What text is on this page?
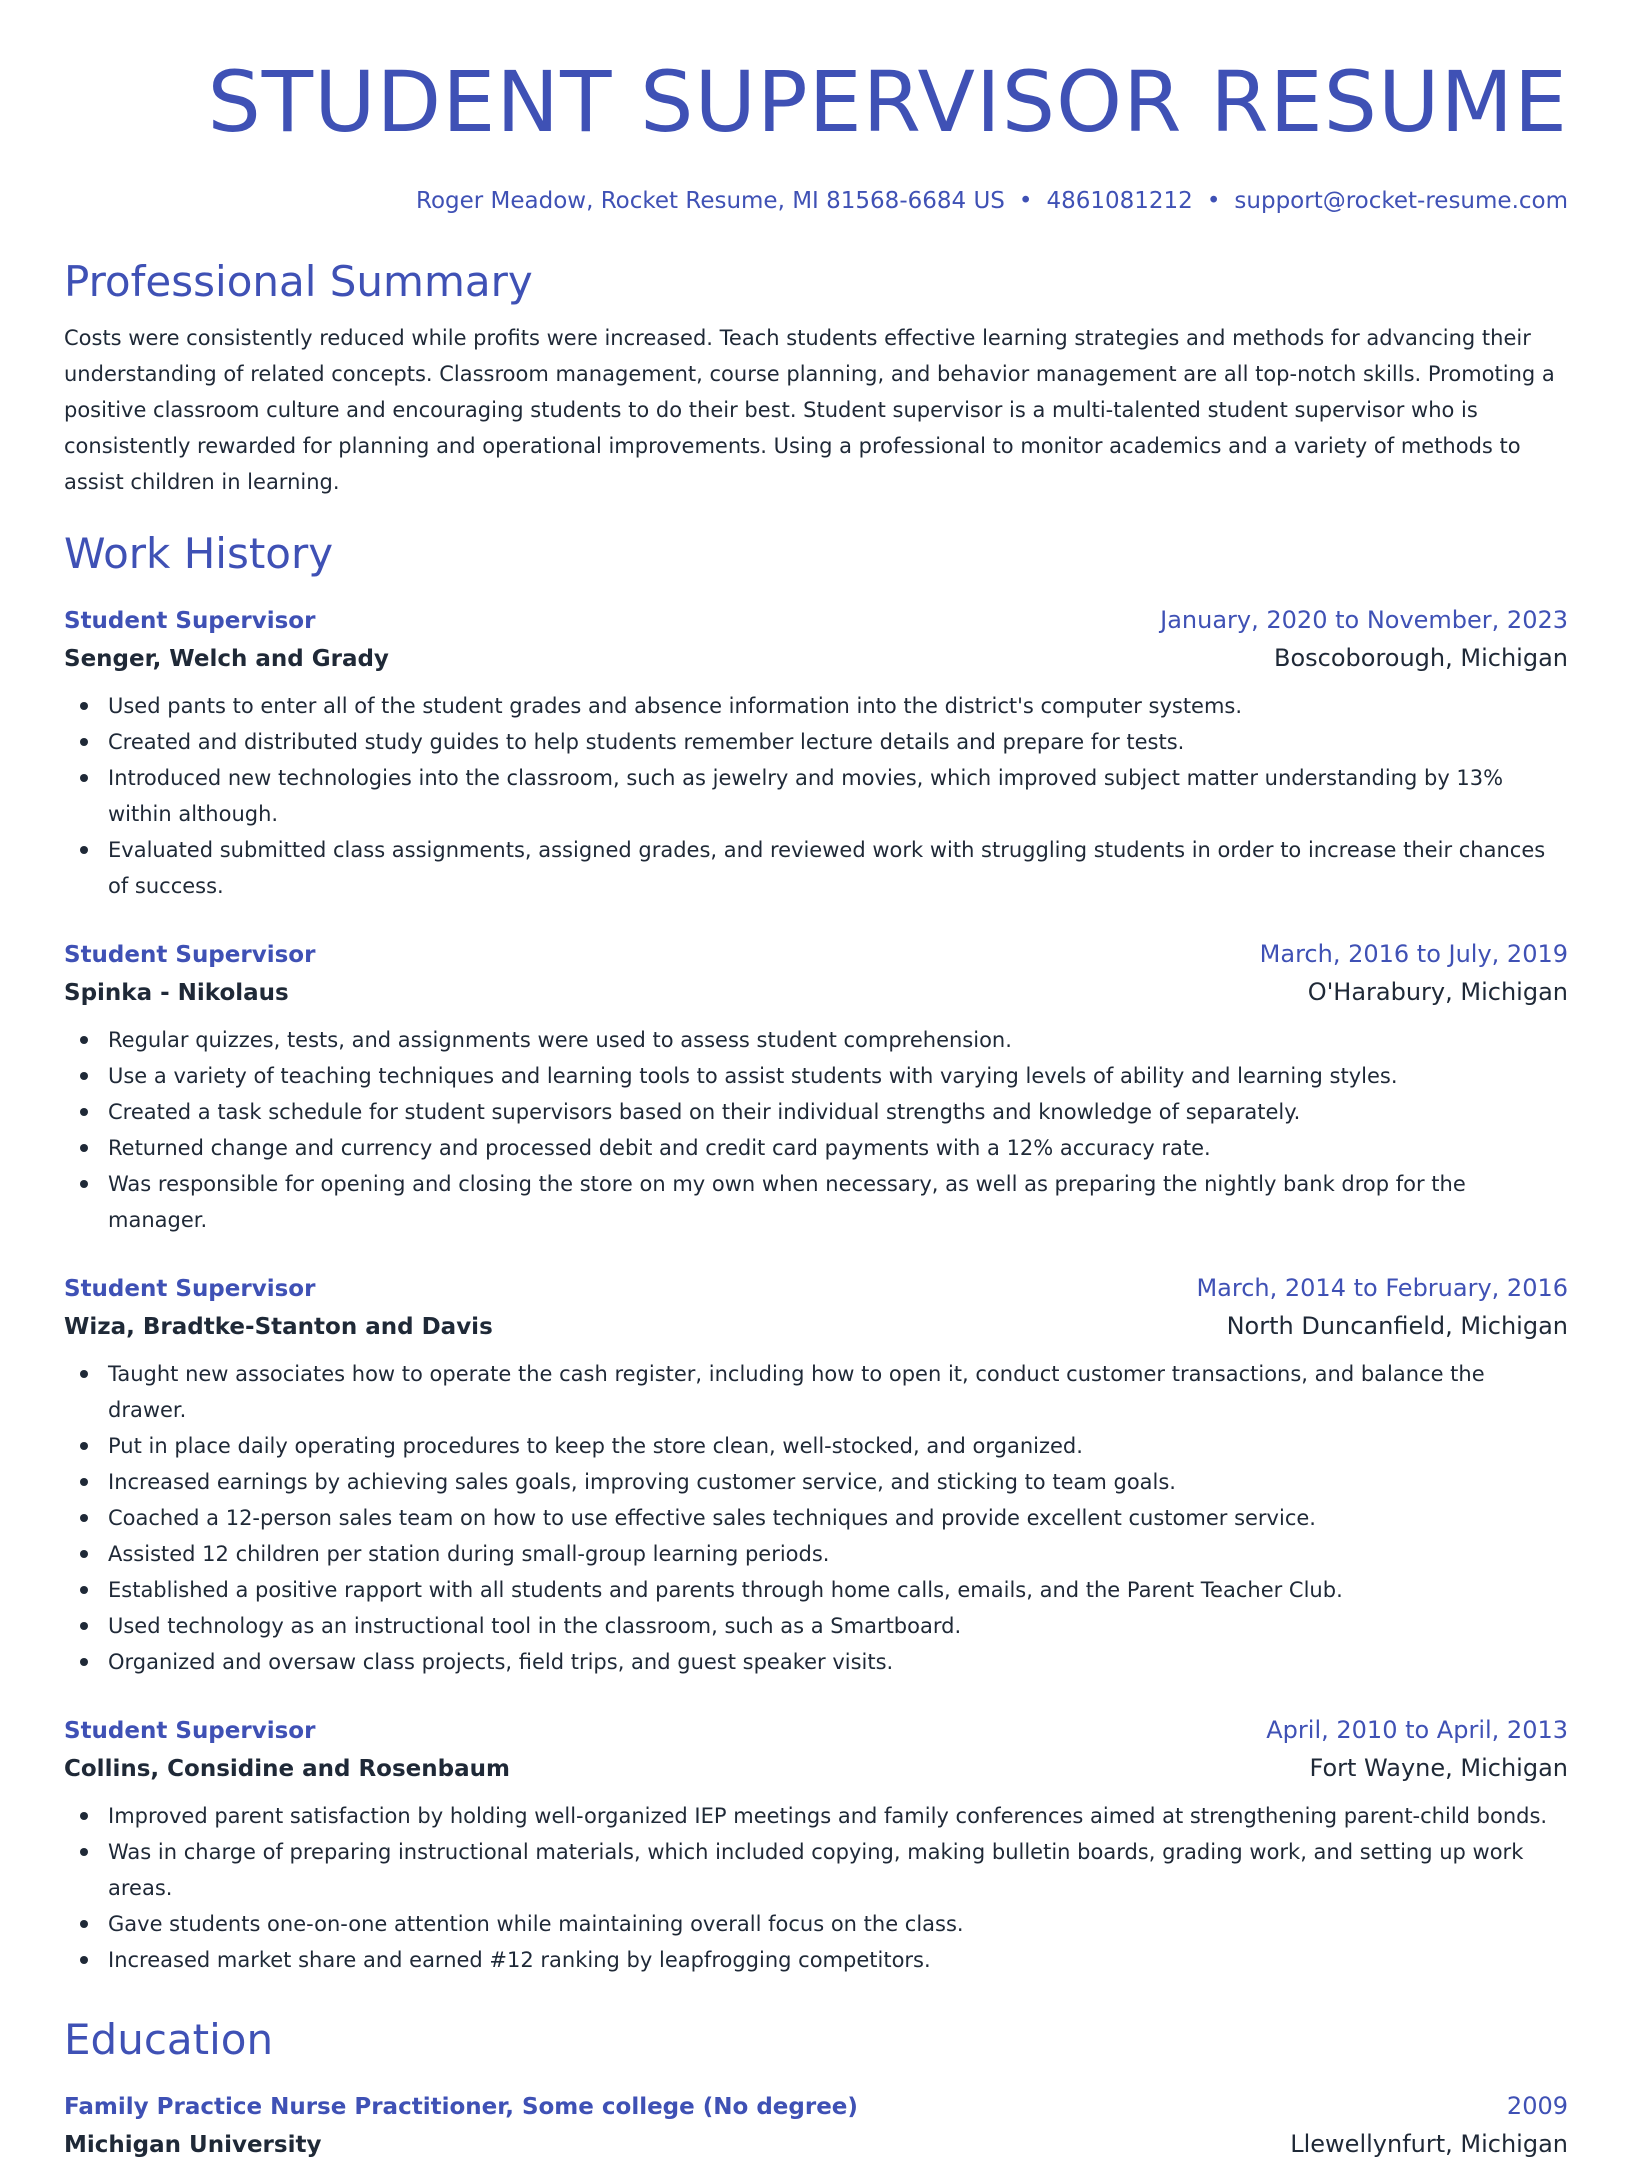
STUDENT SUPERVISOR RESUME
Roger Meadow, Rocket Resume, MI 81568-6684 US • 4861081212 • support@rocket-resume.com
Professional Summary
Costs were consistently reduced while profits were increased. Teach students effective learning strategies and methods for advancing their understanding of related concepts. Classroom management, course planning, and behavior management are all top-notch skills. Promoting a positive classroom culture and encouraging students to do their best. Student supervisor is a multi-talented student supervisor who is consistently rewarded for planning and operational improvements. Using a professional to monitor academics and a variety of methods to assist children in learning.
Work History
Student Supervisor	January, 2020 to November, 2023
Senger, Welch and Grady	Boscoborough, Michigan
Used pants to enter all of the student grades and absence information into the district's computer systems.
Created and distributed study guides to help students remember lecture details and prepare for tests.
Introduced new technologies into the classroom, such as jewelry and movies, which improved subject matter understanding by 13% within although.
Evaluated submitted class assignments, assigned grades, and reviewed work with struggling students in order to increase their chances of success.
Student Supervisor	March, 2016 to July, 2019
Spinka - Nikolaus	O'Harabury, Michigan
Regular quizzes, tests, and assignments were used to assess student comprehension.
Use a variety of teaching techniques and learning tools to assist students with varying levels of ability and learning styles.
Created a task schedule for student supervisors based on their individual strengths and knowledge of separately.
Returned change and currency and processed debit and credit card payments with a 12% accuracy rate.
Was responsible for opening and closing the store on my own when necessary, as well as preparing the nightly bank drop for the manager.
Student Supervisor	March, 2014 to February, 2016
Wiza, Bradtke-Stanton and Davis	North Duncanfield, Michigan
Taught new associates how to operate the cash register, including how to open it, conduct customer transactions, and balance the drawer.
Put in place daily operating procedures to keep the store clean, well-stocked, and organized.
Increased earnings by achieving sales goals, improving customer service, and sticking to team goals.
Coached a 12-person sales team on how to use effective sales techniques and provide excellent customer service.
Assisted 12 children per station during small-group learning periods.
Established a positive rapport with all students and parents through home calls, emails, and the Parent Teacher Club.
Used technology as an instructional tool in the classroom, such as a Smartboard.
Organized and oversaw class projects, field trips, and guest speaker visits.
Student Supervisor	April, 2010 to April, 2013
Collins, Considine and Rosenbaum	Fort Wayne, Michigan
Improved parent satisfaction by holding well-organized IEP meetings and family conferences aimed at strengthening parent-child bonds.
Was in charge of preparing instructional materials, which included copying, making bulletin boards, grading work, and setting up work areas.
Gave students one-on-one attention while maintaining overall focus on the class.
Increased market share and earned #12 ranking by leapfrogging competitors.
Education
Family Practice Nurse Practitioner, Some college (No degree)	2009
Michigan University	Llewellynfurt, Michigan
